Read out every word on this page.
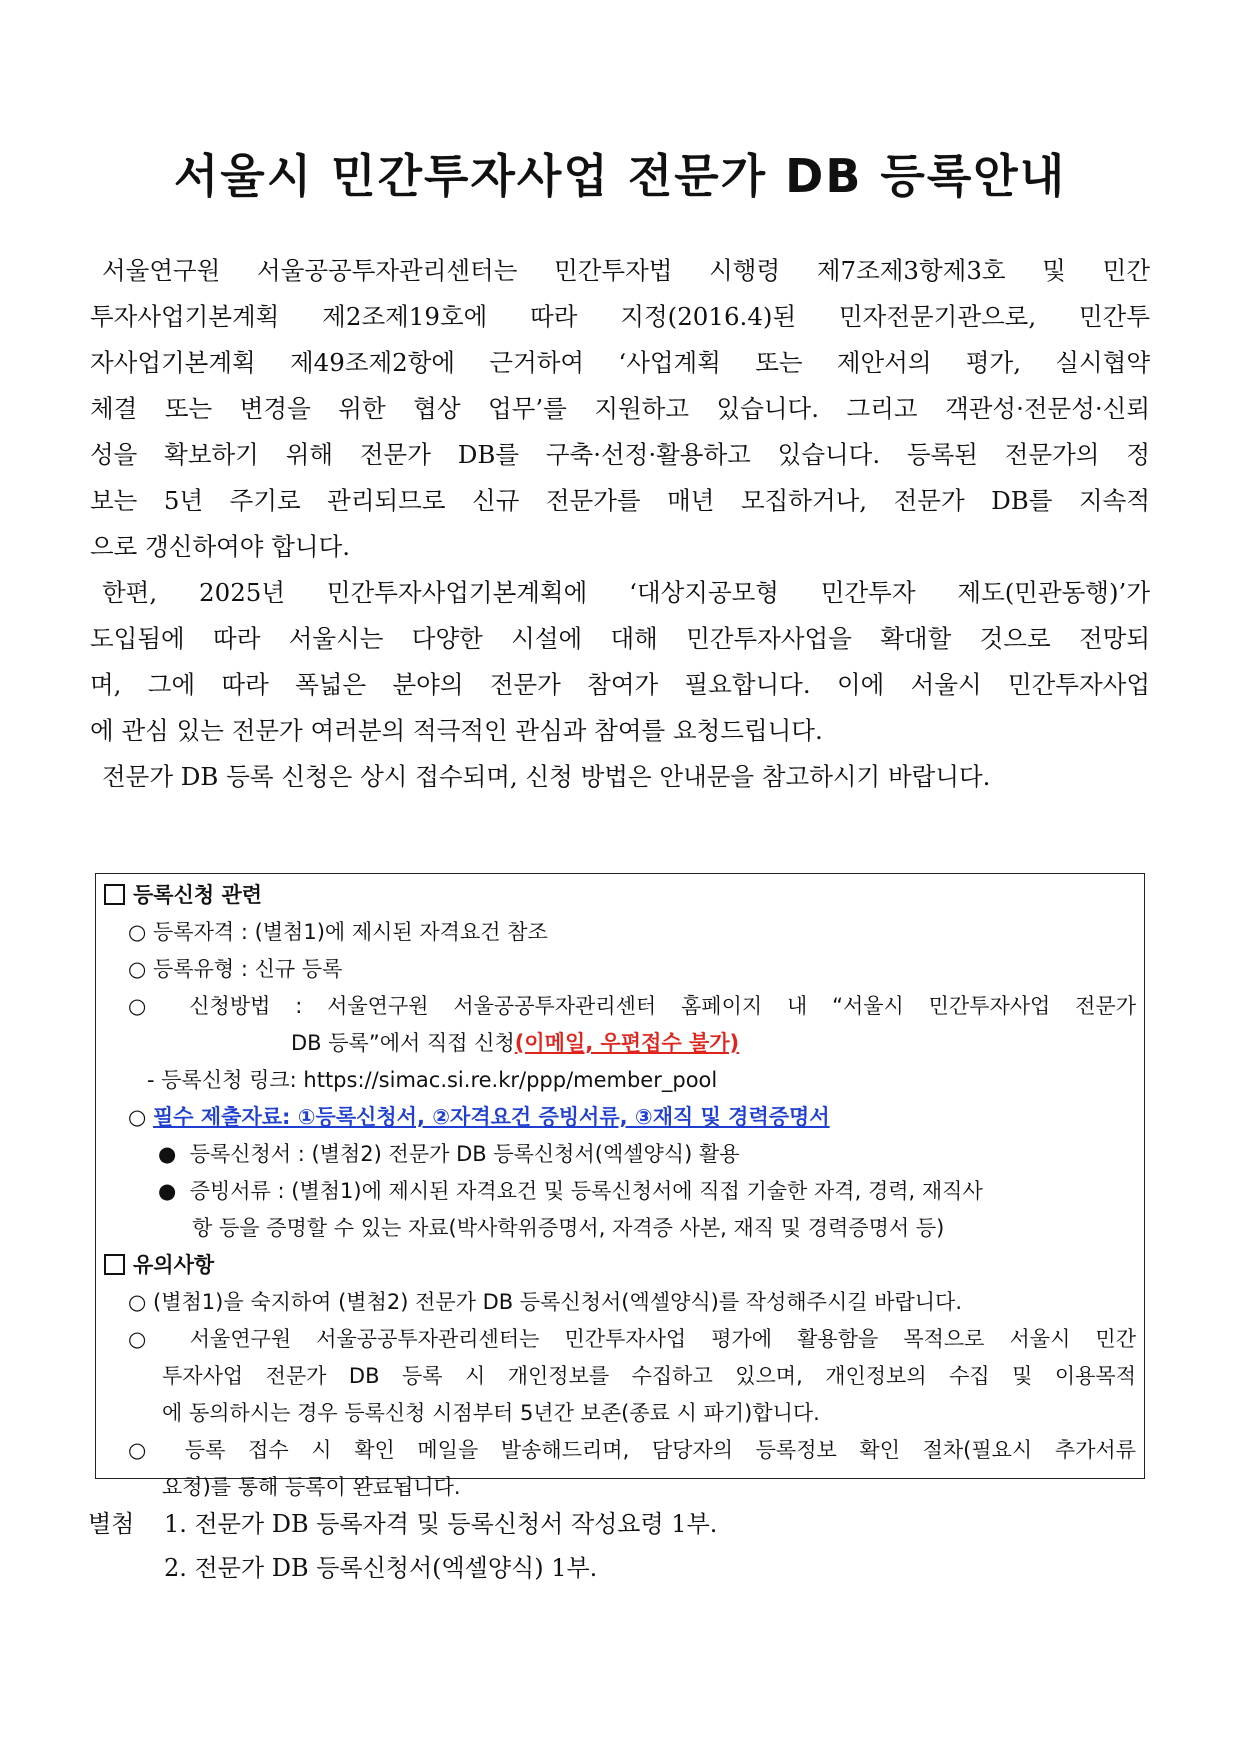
서울시 민간투자사업 전문가 DB 등록안내

서울연구원 서울공공투자관리센터는 민간투자법 시행령 제7조제3항제3호 및 민간

투자사업기본계획 제2조제19호에 따라 지정(2016.4)된 민자전문기관으로, 민간투

자사업기본계획 제49조제2항에 근거하여 ‘사업계획 또는 제안서의 평가, 실시협약

체결 또는 변경을 위한 협상 업무’를 지원하고 있습니다. 그리고 객관성·전문성·신뢰

성을 확보하기 위해 전문가 DB를 구축·선정·활용하고 있습니다. 등록된 전문가의 정

보는 5년 주기로 관리되므로 신규 전문가를 매년 모집하거나, 전문가 DB를 지속적

으로 갱신하여야 합니다.

한편, 2025년 민간투자사업기본계획에 ‘대상지공모형 민간투자 제도(민관동행)’가

도입됨에 따라 서울시는 다양한 시설에 대해 민간투자사업을 확대할 것으로 전망되

며, 그에 따라 폭넓은 분야의 전문가 참여가 필요합니다. 이에 서울시 민간투자사업

에 관심 있는 전문가 여러분의 적극적인 관심과 참여를 요청드립니다.

전문가 DB 등록 신청은 상시 접수되며, 신청 방법은 안내문을 참고하시기 바랍니다.

등록신청 관련
○ 등록자격 : (별첨1)에 제시된 자격요건 참조
○ 등록유형 : 신규 등록
○ 신청방법 : 서울연구원 서울공공투자관리센터 홈페이지 내 “서울시 민간투자사업 전문가
DB 등록”에서 직접 신청(이메일, 우편접수 불가)
- 등록신청 링크: https://simac.si.re.kr/ppp/member_pool
○ 필수 제출자료: ①등록신청서, ②자격요건 증빙서류, ③재직 및 경력증명서
● 등록신청서 : (별첨2) 전문가 DB 등록신청서(엑셀양식) 활용
● 증빙서류 : (별첨1)에 제시된 자격요건 및 등록신청서에 직접 기술한 자격, 경력, 재직사
항 등을 증명할 수 있는 자료(박사학위증명서, 자격증 사본, 재직 및 경력증명서 등)
유의사항
○ (별첨1)을 숙지하여 (별첨2) 전문가 DB 등록신청서(엑셀양식)를 작성해주시길 바랍니다.
○ 서울연구원 서울공공투자관리센터는 민간투자사업 평가에 활용함을 목적으로 서울시 민간
투자사업 전문가 DB 등록 시 개인정보를 수집하고 있으며, 개인정보의 수집 및 이용목적
에 동의하시는 경우 등록신청 시점부터 5년간 보존(종료 시 파기)합니다.
○ 등록 접수 시 확인 메일을 발송해드리며, 담당자의 등록정보 확인 절차(필요시 추가서류
요청)를 통해 등록이 완료됩니다.
별첨 1. 전문가 DB 등록자격 및 등록신청서 작성요령 1부.
2. 전문가 DB 등록신청서(엑셀양식) 1부.
